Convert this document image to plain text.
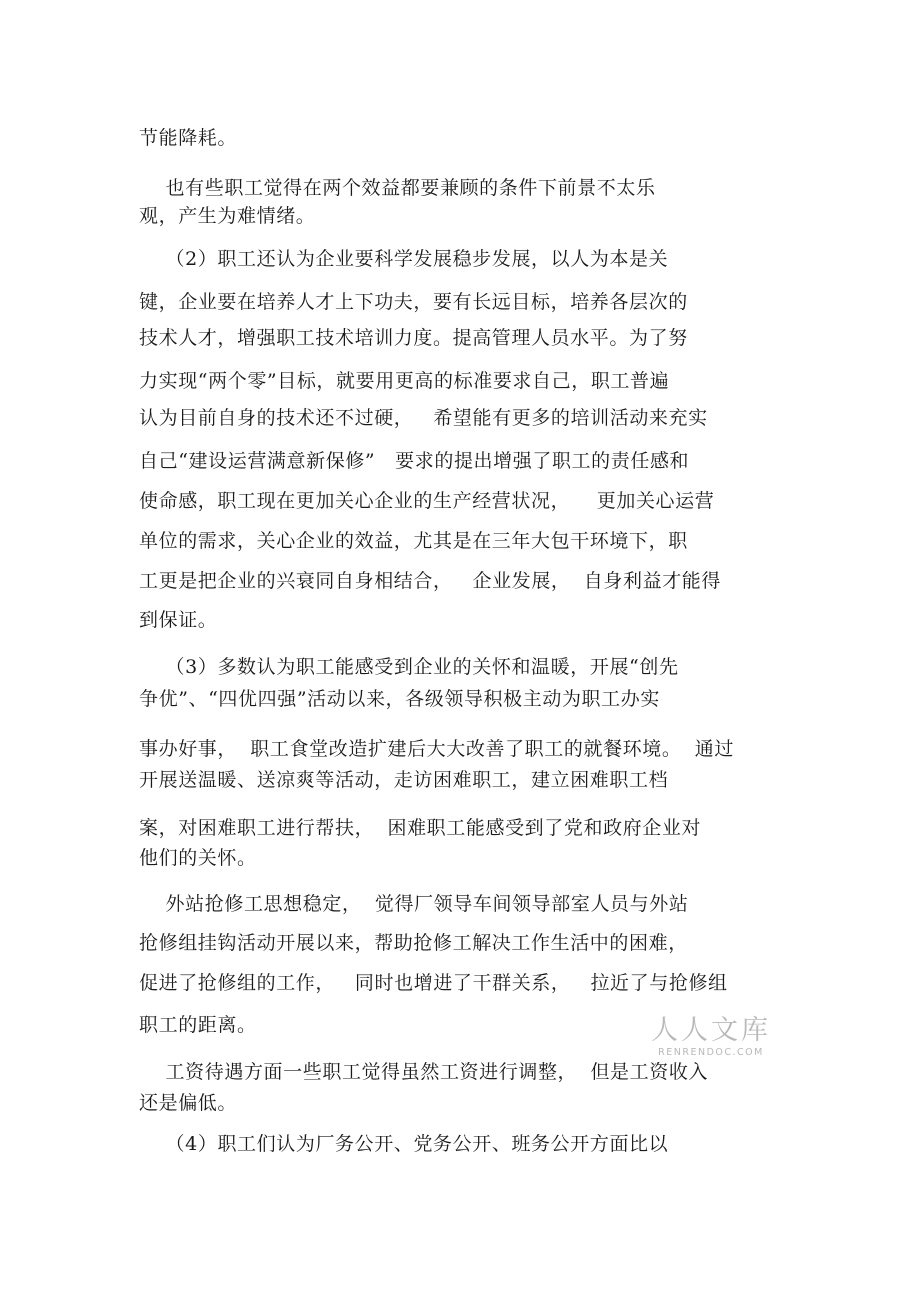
节能降耗。
也有些职工觉得在两个效益都要兼顾的条件下前景不太乐
观，产生为难情绪。
（2）职工还认为企业要科学发展稳步发展，以人为本是关
键，企业要在培养人才上下功夫，要有长远目标，培养各层次的
技术人才，增强职工技术培训力度。提高管理人员水平。为了努
力实现“两个零”目标，就要用更高的标准要求自己，职工普遍
认为目前自身的技术还不过硬，   希望能有更多的培训活动来充实
自己“建设运营满意新保修”   要求的提出增强了职工的责任感和
使命感，职工现在更加关心企业的生产经营状况，    更加关心运营
单位的需求，关心企业的效益，尤其是在三年大包干环境下，职
工更是把企业的兴衰同自身相结合，   企业发展，  自身利益才能得
到保证。
（3）多数认为职工能感受到企业的关怀和温暖，开展“创先
争优”、“四优四强”活动以来，各级领导积极主动为职工办实
事办好事，  职工食堂改造扩建后大大改善了职工的就餐环境。  通过
开展送温暖、送凉爽等活动，走访困难职工，建立困难职工档
案，对困难职工进行帮扶，  困难职工能感受到了党和政府企业对
他们的关怀。
外站抢修工思想稳定，  觉得厂领导车间领导部室人员与外站
抢修组挂钩活动开展以来，帮助抢修工解决工作生活中的困难，
促进了抢修组的工作，   同时也增进了干群关系，   拉近了与抢修组
职工的距离。
工资待遇方面一些职工觉得虽然工资进行调整，  但是工资收入
还是偏低。
（4）职工们认为厂务公开、党务公开、班务公开方面比以
人人文库
RENRENDOC.COM
